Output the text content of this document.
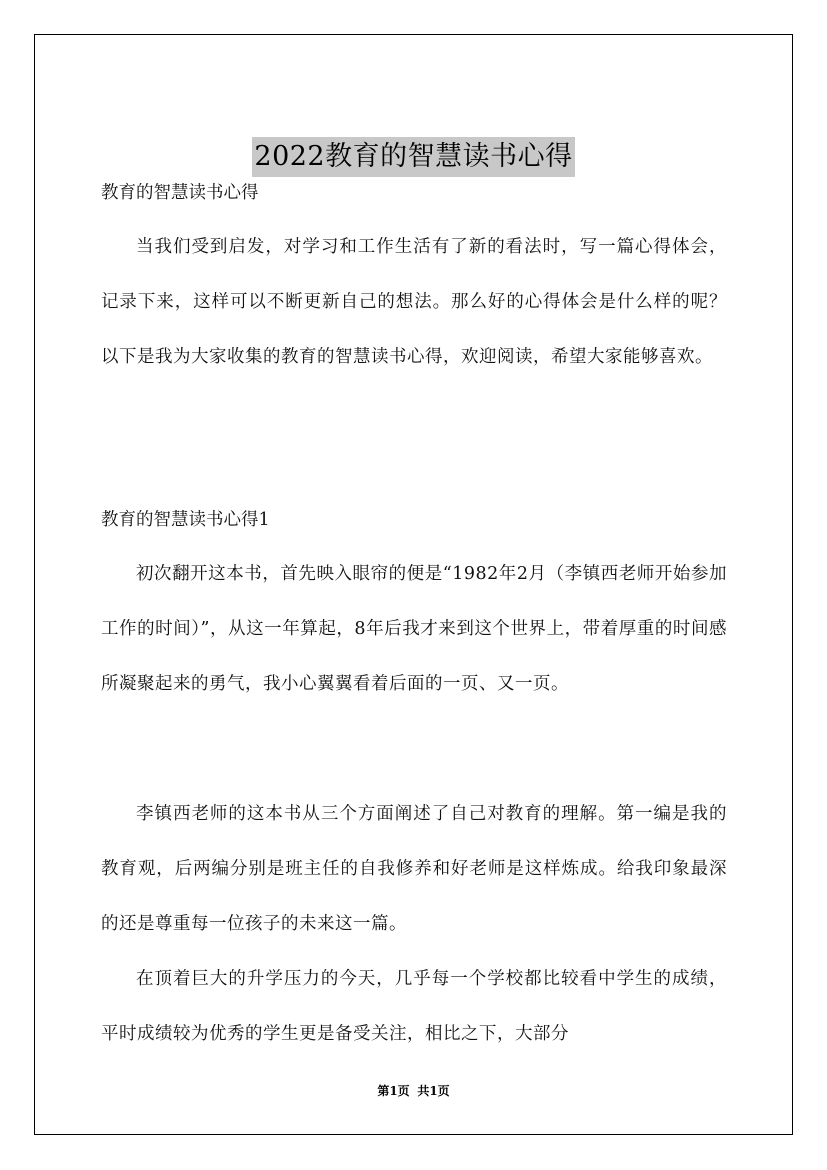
2022教育的智慧读书心得
教育的智慧读书心得
当我们受到启发，对学习和工作生活有了新的看法时，写一篇心得体会，记录下来，这样可以不断更新自己的想法。那么好的心得体会是什么样的呢？以下是我为大家收集的教育的智慧读书心得，欢迎阅读，希望大家能够喜欢。
教育的智慧读书心得1
初次翻开这本书，首先映入眼帘的便是“1982年2月（李镇西老师开始参加工作的时间）”，从这一年算起，8年后我才来到这个世界上，带着厚重的时间感所凝聚起来的勇气，我小心翼翼看着后面的一页、又一页。
李镇西老师的这本书从三个方面阐述了自己对教育的理解。第一编是我的教育观，后两编分别是班主任的自我修养和好老师是这样炼成。给我印象最深的还是尊重每一位孩子的未来这一篇。
在顶着巨大的升学压力的今天，几乎每一个学校都比较看中学生的成绩，平时成绩较为优秀的学生更是备受关注，相比之下，大部分
第1页 共1页
